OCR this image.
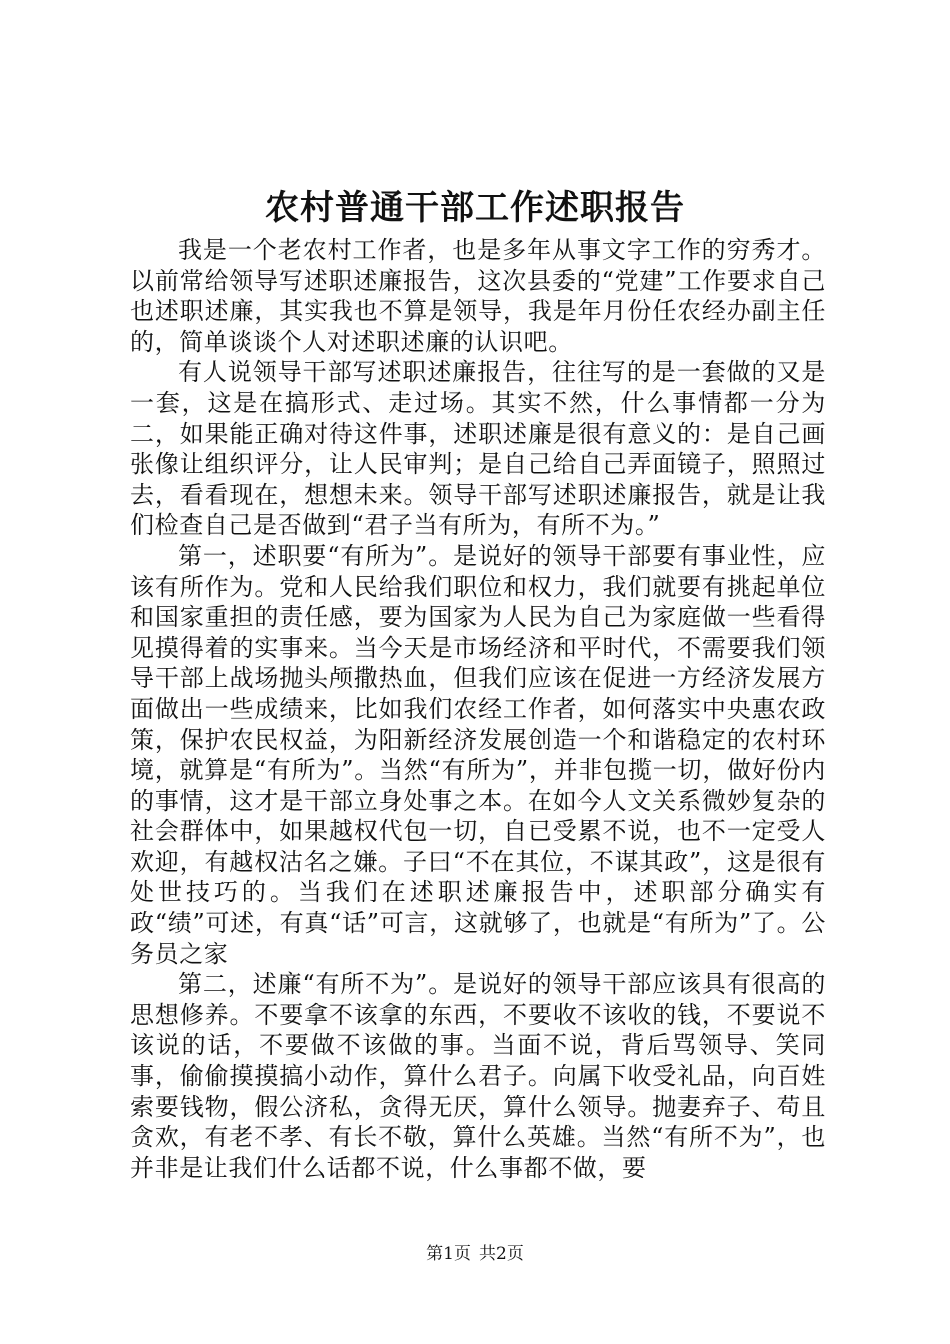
农村普通干部工作述职报告

我是一个老农村工作者，也是多年从事文字工作的穷秀才。以前常给领导写述职述廉报告，这次县委的“党建”工作要求自己也述职述廉，其实我也不算是领导，我是年月份任农经办副主任的，简单谈谈个人对述职述廉的认识吧。

有人说领导干部写述职述廉报告，往往写的是一套做的又是一套，这是在搞形式、走过场。其实不然，什么事情都一分为二，如果能正确对待这件事，述职述廉是很有意义的：是自己画张像让组织评分，让人民审判；是自己给自己弄面镜子，照照过去，看看现在，想想未来。领导干部写述职述廉报告，就是让我们检查自己是否做到“君子当有所为，有所不为。”

第一，述职要“有所为”。是说好的领导干部要有事业性，应该有所作为。党和人民给我们职位和权力，我们就要有挑起单位和国家重担的责任感，要为国家为人民为自己为家庭做一些看得见摸得着的实事来。当今天是市场经济和平时代，不需要我们领导干部上战场抛头颅撒热血，但我们应该在促进一方经济发展方面做出一些成绩来，比如我们农经工作者，如何落实中央惠农政策，保护农民权益，为阳新经济发展创造一个和谐稳定的农村环境，就算是“有所为”。当然“有所为”，并非包揽一切，做好份内的事情，这才是干部立身处事之本。在如今人文关系微妙复杂的社会群体中，如果越权代包一切，自已受累不说，也不一定受人欢迎，有越权沽名之嫌。子曰“不在其位，不谋其政”，这是很有处世技巧的。当我们在述职述廉报告中，述职部分确实有政“绩”可述，有真“话”可言，这就够了，也就是“有所为”了。公务员之家

第二，述廉“有所不为”。是说好的领导干部应该具有很高的思想修养。不要拿不该拿的东西，不要收不该收的钱，不要说不该说的话，不要做不该做的事。当面不说，背后骂领导、笑同事，偷偷摸摸搞小动作，算什么君子。向属下收受礼品，向百姓索要钱物，假公济私，贪得无厌，算什么领导。抛妻弃子、苟且贪欢，有老不孝、有长不敬，算什么英雄。当然“有所不为”，也并非是让我们什么话都不说，什么事都不做，要

第1页 共2页
